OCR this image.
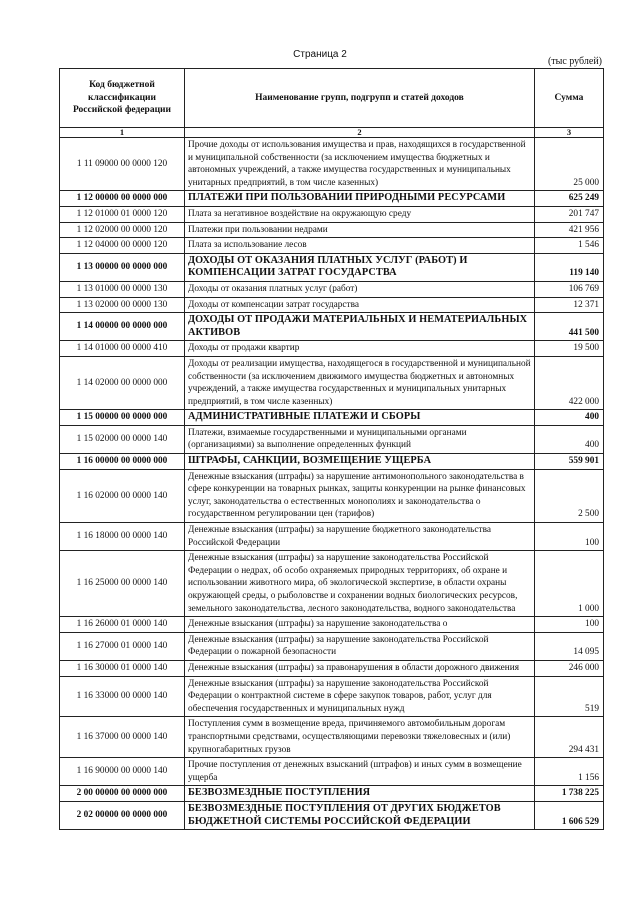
Страница 2
(тыс рублей)
Код бюджетной классификации Российской федерации	Наименование групп, подгрупп и статей доходов	Сумма
1	2	3
1 11 09000 00 0000 120	Прочие доходы от использования имущества и прав, находящихся в государственной и муниципальной собственности (за исключением имущества бюджетных и автономных учреждений, а также имущества государственных и муниципальных унитарных предприятий, в том числе казенных)	25 000
1 12 00000 00 0000 000	ПЛАТЕЖИ ПРИ ПОЛЬЗОВАНИИ ПРИРОДНЫМИ РЕСУРСАМИ	625 249
1 12 01000 01 0000 120	Плата за негативное воздействие на окружающую среду	201 747
1 12 02000 00 0000 120	Платежи при пользовании недрами	421 956
1 12 04000 00 0000 120	Плата за использование лесов	1 546
1 13 00000 00 0000 000	ДОХОДЫ ОТ ОКАЗАНИЯ ПЛАТНЫХ УСЛУГ (РАБОТ) И КОМПЕНСАЦИИ ЗАТРАТ ГОСУДАРСТВА	119 140
1 13 01000 00 0000 130	Доходы от оказания платных услуг (работ)	106 769
1 13 02000 00 0000 130	Доходы от компенсации затрат государства	12 371
1 14 00000 00 0000 000	ДОХОДЫ ОТ ПРОДАЖИ МАТЕРИАЛЬНЫХ И НЕМАТЕРИАЛЬНЫХ АКТИВОВ	441 500
1 14 01000 00 0000 410	Доходы от продажи квартир	19 500
1 14 02000 00 0000 000	Доходы от реализации имущества, находящегося в государственной и муниципальной собственности (за исключением движимого имущества бюджетных и автономных учреждений, а также имущества государственных и муниципальных унитарных предприятий, в том числе казенных)	422 000
1 15 00000 00 0000 000	АДМИНИСТРАТИВНЫЕ ПЛАТЕЖИ И СБОРЫ	400
1 15 02000 00 0000 140	Платежи, взимаемые государственными и муниципальными органами (организациями) за выполнение определенных функций	400
1 16 00000 00 0000 000	ШТРАФЫ, САНКЦИИ, ВОЗМЕЩЕНИЕ УЩЕРБА	559 901
1 16 02000 00 0000 140	Денежные взыскания (штрафы) за нарушение антимонопольного законодательства в сфере конкуренции на товарных рынках, защиты конкуренции на рынке финансовых услуг, законодательства о естественных монополиях и законодательства о государственном регулировании цен (тарифов)	2 500
1 16 18000 00 0000 140	Денежные взыскания (штрафы) за нарушение бюджетного законодательства Российской Федерации	100
1 16 25000 00 0000 140	Денежные взыскания (штрафы) за нарушение законодательства Российской Федерации о недрах, об особо охраняемых природных территориях, об охране и использовании животного мира, об экологической экспертизе, в области охраны окружающей среды, о рыболовстве и сохранении водных биологических ресурсов, земельного законодательства, лесного законодательства, водного законодательства	1 000
1 16 26000 01 0000 140	Денежные взыскания (штрафы) за нарушение законодательства о	100
1 16 27000 01 0000 140	Денежные взыскания (штрафы) за нарушение законодательства Российской Федерации о пожарной безопасности	14 095
1 16 30000 01 0000 140	Денежные взыскания (штрафы) за правонарушения в области дорожного движения	246 000
1 16 33000 00 0000 140	Денежные взыскания (штрафы) за нарушение законодательства Российской Федерации о контрактной системе в сфере закупок товаров, работ, услуг для обеспечения государственных и муниципальных нужд	519
1 16 37000 00 0000 140	Поступления сумм в возмещение вреда, причиняемого автомобильным дорогам транспортными средствами, осуществляющими перевозки тяжеловесных и (или) крупногабаритных грузов	294 431
1 16 90000 00 0000 140	Прочие поступления от денежных взысканий (штрафов) и иных сумм в возмещение ущерба	1 156
2 00 00000 00 0000 000	БЕЗВОЗМЕЗДНЫЕ ПОСТУПЛЕНИЯ	1 738 225
2 02 00000 00 0000 000	БЕЗВОЗМЕЗДНЫЕ ПОСТУПЛЕНИЯ ОТ ДРУГИХ БЮДЖЕТОВ БЮДЖЕТНОЙ СИСТЕМЫ РОССИЙСКОЙ ФЕДЕРАЦИИ	1 606 529
